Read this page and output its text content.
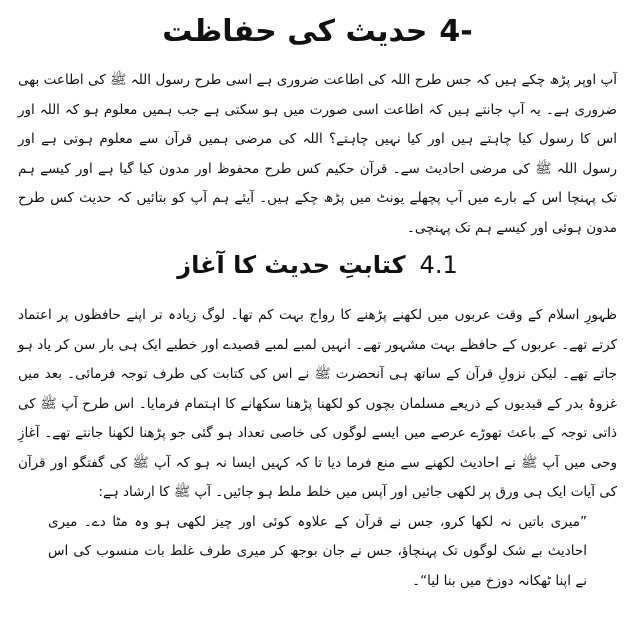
4-
حدیث کی حفاظت

آپ اوپر پڑھ چکے ہیں کہ جس طرح اللہ کی اطاعت ضروری ہے اسی طرح رسول اللہ ﷺ کی اطاعت بھی ضروری ہے۔ یہ آپ جانتے ہیں کہ اطاعت اسی صورت میں ہو سکتی ہے جب ہمیں معلوم ہو کہ اللہ اور اس کا رسول کیا چاہتے ہیں اور کیا نہیں چاہتے؟ اللہ کی مرضی ہمیں قرآن سے معلوم ہوتی ہے اور رسول اللہ ﷺ کی مرضی احادیث سے۔ قرآن حکیم کس طرح محفوظ اور مدون کیا گیا ہے اور کیسے ہم تک پہنچا اس کے بارے میں آپ پچھلے یونٹ میں پڑھ چکے ہیں۔ آیئے ہم آپ کو بتائیں کہ حدیث کس طرح مدون ہوئی اور کیسے ہم تک پہنچی۔

4.1
کتابتِ حدیث کا آغاز

ظہورِ اسلام کے وقت عربوں میں لکھنے پڑھنے کا رواج بہت کم تھا۔ لوگ زیادہ تر اپنے حافظوں پر اعتماد کرتے تھے۔ عربوں کے حافظے بہت مشہور تھے۔ انہیں لمبے لمبے قصیدے اور خطبے ایک ہی بار سن کر یاد ہو جاتے تھے۔ لیکن نزولِ قرآن کے ساتھ ہی آنحضرت ﷺ نے اس کی کتابت کی طرف توجہ فرمائی۔ بعد میں غزوۂ بدر کے قیدیوں کے ذریعے مسلمان بچوں کو لکھنا پڑھنا سکھانے کا اہتمام فرمایا۔ اس طرح آپ ﷺ کی ذاتی توجہ کے باعث تھوڑے عرصے میں ایسے لوگوں کی خاصی تعداد ہو گئی جو پڑھنا لکھنا جانتے تھے۔ آغازِ وحی میں آپ ﷺ نے احادیث لکھنے سے منع فرما دیا تا کہ کہیں ایسا نہ ہو کہ آپ ﷺ کی گفتگو اور قرآن کی آیات ایک ہی ورق پر لکھی جائیں اور آپس میں خلط ملط ہو جائیں۔ آپ ﷺ کا ارشاد ہے:

”میری باتیں نہ لکھا کرو، جس نے قرآن کے علاوہ کوئی اور چیز لکھی ہو وہ مٹا دے۔ میری احادیث بے شک لوگوں تک پہنچاؤ، جس نے جان بوجھ کر میری طرف غلط بات منسوب کی اس نے اپنا ٹھکانہ دوزخ میں بنا لیا“۔
